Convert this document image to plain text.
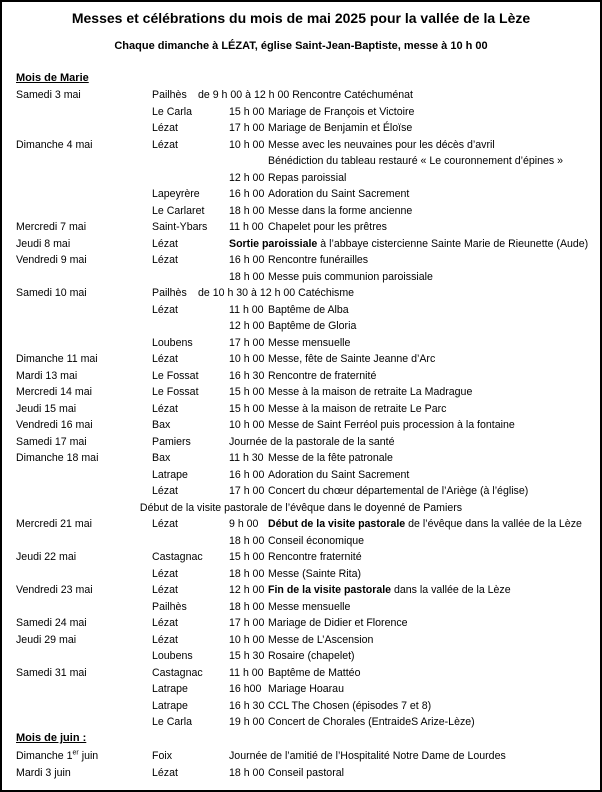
Messes et célébrations du mois de mai 2025 pour la vallée de la Lèze
Chaque dimanche à LÉZAT, église Saint-Jean-Baptiste, messe à 10 h 00
Mois de Marie
Mois de juin :
Samedi 3 mai	Pailhès de 9 h 00 à 12 h 00 Rencontre Catéchuménat
Le Carla	15 h 00 Mariage de François et Victoire
Lézat	17 h 00 Mariage de Benjamin et Éloïse
Dimanche 4 mai	Lézat	10 h 00 Messe avec les neuvaines pour les décès d’avril
Bénédiction du tableau restauré « Le couronnement d’épines »
12 h 00 Repas paroissial
Lapeyrère	16 h 00 Adoration du Saint Sacrement
Le Carlaret 18 h 00 Messe dans la forme ancienne
Mercredi 7 mai	Saint-Ybars 11 h 00 Chapelet pour les prêtres
Jeudi 8 mai	Lézat	Sortie paroissiale à l’abbaye cistercienne Sainte Marie de Rieunette (Aude)
Vendredi 9 mai	Lézat	16 h 00 Rencontre funérailles
18 h 00 Messe puis communion paroissiale
Samedi 10 mai	Pailhès de 10 h 30 à 12 h 00 Catéchisme
Lézat	11 h 00 Baptême de Alba
12 h 00 Baptême de Gloria
Loubens	17 h 00 Messe mensuelle
Dimanche 11 mai	Lézat	10 h 00 Messe, fête de Sainte Jeanne d’Arc
Mardi 13 mai	Le Fossat	16 h 30 Rencontre de fraternité
Mercredi 14 mai	Le Fossat	15 h 00 Messe à la maison de retraite La Madrague
Jeudi 15 mai	Lézat	15 h 00 Messe à la maison de retraite Le Parc
Vendredi 16 mai	Bax	10 h 00 Messe de Saint Ferréol puis procession à la fontaine
Samedi 17 mai	Pamiers	Journée de la pastorale de la santé
Dimanche 18 mai	Bax	11 h 30 Messe de la fête patronale
Latrape	16 h 00 Adoration du Saint Sacrement
Lézat	17 h 00 Concert du chœur départemental de l’Ariège (à l’église)
Début de la visite pastorale de l’évêque dans le doyenné de Pamiers
Mercredi 21 mai	Lézat	9 h 00 Début de la visite pastorale de l’évêque dans la vallée de la Lèze
18 h 00 Conseil économique
Jeudi 22 mai	Castagnac 15 h 00 Rencontre fraternité
Lézat	18 h 00 Messe (Sainte Rita)
Vendredi 23 mai	Lézat	12 h 00 Fin de la visite pastorale dans la vallée de la Lèze
Pailhès	18 h 00 Messe mensuelle
Samedi 24 mai	Lézat	17 h 00 Mariage de Didier et Florence
Jeudi 29 mai	Lézat	10 h 00 Messe de L’Ascension
Loubens	15 h 30 Rosaire (chapelet)
Samedi 31 mai	Castagnac 11 h 00 Baptême de Mattéo
Latrape	16 h00 Mariage Hoarau
Latrape	16 h 30 CCL The Chosen (épisodes 7 et 8)
Le Carla	19 h 00 Concert de Chorales (EntraideS Arize-Lèze)
Dimanche 1er juin	Foix	Journée de l’amitié de l’Hospitalité Notre Dame de Lourdes
Mardi 3 juin	Lézat	18 h 00 Conseil pastoral
